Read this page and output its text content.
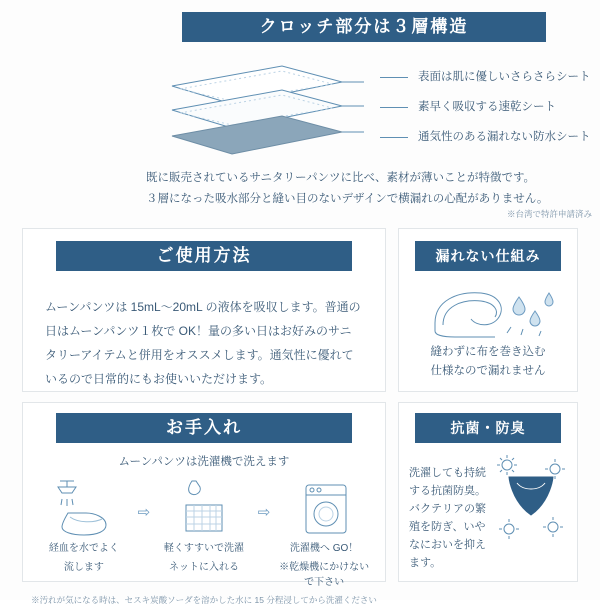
クロッチ部分は３層構造
表面は肌に優しいさらさらシート
素早く吸収する速乾シート
通気性のある漏れない防水シート
既に販売されているサニタリーパンツに比べ、素材が薄いことが特徴です。
３層になった吸水部分と縫い目のないデザインで横漏れの心配がありません。
※台湾で特許申請済み
ご使用方法

ムーンパンツは 15mL〜20mL の液体を吸収します。普通の日はムーンパンツ１枚で OK！量の多い日はお好みのサニタリーアイテムと併用をオススメします。通気性に優れているので日常的にもお使いいただけます。

漏れない仕組み
縫わずに布を巻き込む
仕様なので漏れません
お手入れ
ムーンパンツは洗濯機で洗えます
経血を水でよく
流します
⇨
軽くすすいで洗濯
ネットに入れる
⇨
洗濯機へ GO！
※乾燥機にかけないで下さい
※汚れが気になる時は、セスキ炭酸ソーダを溶かした水に 15 分程浸してから洗濯ください
抗菌・防臭

洗濯しても持続する抗菌防臭。バクテリアの繁殖を防ぎ、いやなにおいを抑えます。
